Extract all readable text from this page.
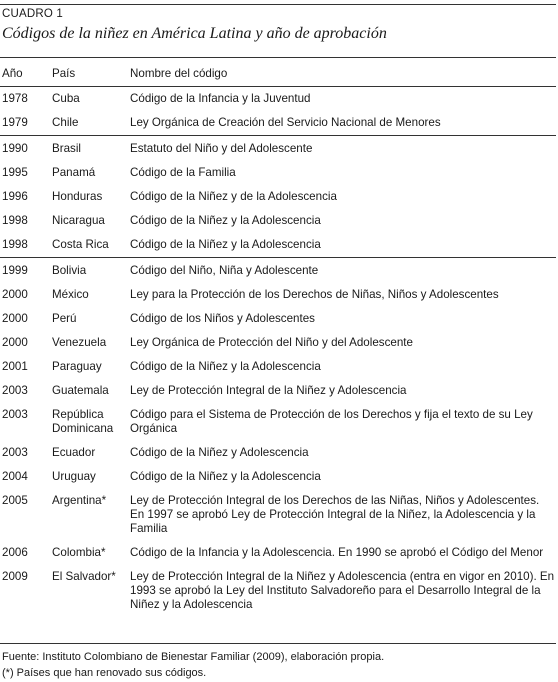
CUADRO 1
Códigos de la niñez en América Latina y año de aprobación
Año	País	Nombre del código
1978	Cuba	Código de la Infancia y la Juventud
1979	Chile	Ley Orgánica de Creación del Servicio Nacional de Menores
1990	Brasil	Estatuto del Niño y del Adolescente
1995	Panamá	Código de la Familia
1996	Honduras	Código de la Niñez y de la Adolescencia
1998	Nicaragua	Código de la Niñez y la Adolescencia
1998	Costa Rica	Código de la Niñez y la Adolescencia
1999	Bolivia	Código del Niño, Niña y Adolescente
2000	México	Ley para la Protección de los Derechos de Niñas, Niños y Adolescentes
2000	Perú	Código de los Niños y Adolescentes
2000	Venezuela	Ley Orgánica de Protección del Niño y del Adolescente
2001	Paraguay	Código de la Niñez y la Adolescencia
2003	Guatemala	Ley de Protección Integral de la Niñez y Adolescencia
2003	República Dominicana	Código para el Sistema de Protección de los Derechos y fija el texto de su Ley Orgánica
2003	Ecuador	Código de la Niñez y Adolescencia
2004	Uruguay	Código de la Niñez y la Adolescencia
2005	Argentina*	Ley de Protección Integral de los Derechos de las Niñas, Niños y Adolescentes. En 1997 se aprobó Ley de Protección Integral de la Niñez, la Adolescencia y la Familia
2006	Colombia*	Código de la Infancia y la Adolescencia. En 1990 se aprobó el Código del Menor
2009	El Salvador*	Ley de Protección Integral de la Niñez y Adolescencia (entra en vigor en 2010). En 1993 se aprobó la Ley del Instituto Salvadoreño para el Desarrollo Integral de la Niñez y la Adolescencia
Fuente: Instituto Colombiano de Bienestar Familiar (2009), elaboración propia.
(*) Países que han renovado sus códigos.
